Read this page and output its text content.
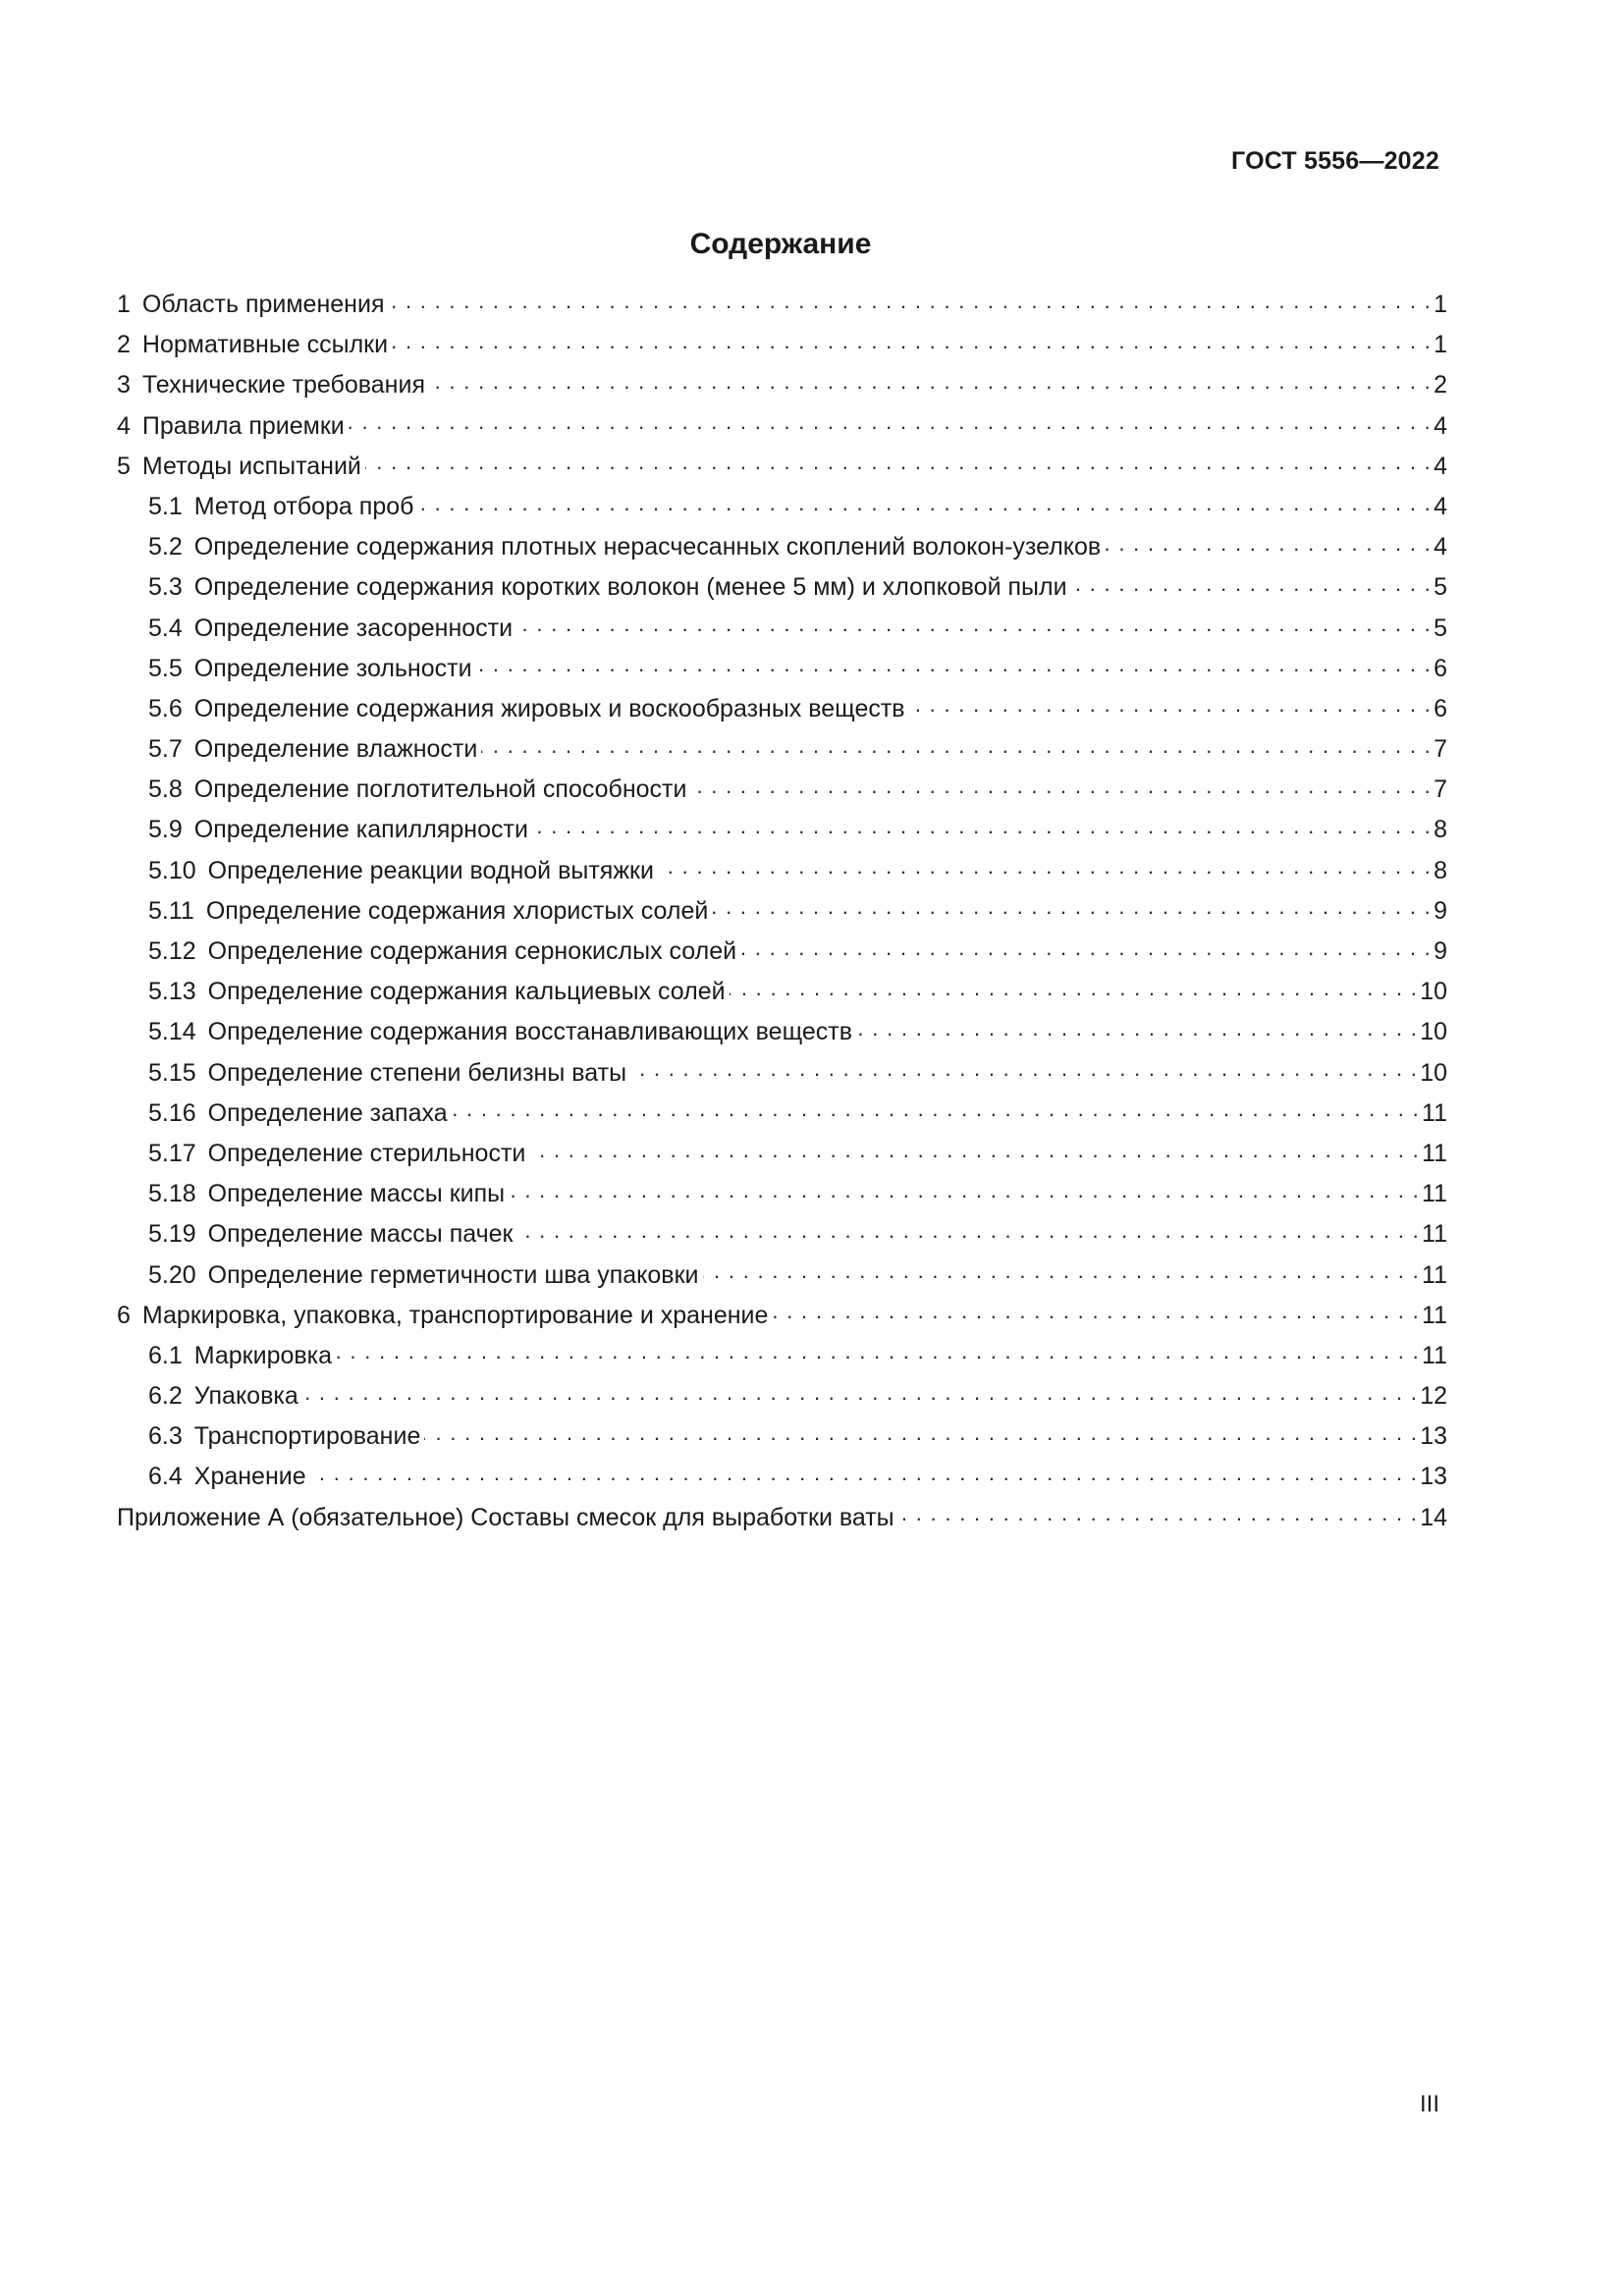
ГОСТ 5556—2022
Содержание
1 Область применения . . .	1
2 Нормативные ссылки . . .	1
3 Технические требования . . .	2
4 Правила приемки . . .	4
5 Методы испытаний . . .	4
5.1 Метод отбора проб . . .	4
5.2 Определение содержания плотных нерасчесанных скоплений волокон-узелков . . .	4
5.3 Определение содержания коротких волокон (менее 5 мм) и хлопковой пыли . . .	5
5.4 Определение засоренности . . .	5
5.5 Определение зольности . . .	6
5.6 Определение содержания жировых и воскообразных веществ . . .	6
5.7 Определение влажности . . .	7
5.8 Определение поглотительной способности . . .	7
5.9 Определение капиллярности . . .	8
5.10 Определение реакции водной вытяжки . . .	8
5.11 Определение содержания хлористых солей . . .	9
5.12 Определение содержания сернокислых солей . . .	9
5.13 Определение содержания кальциевых солей . . .	10
5.14 Определение содержания восстанавливающих веществ . . .	10
5.15 Определение степени белизны ваты . . .	10
5.16 Определение запаха . . .	11
5.17 Определение стерильности . . .	11
5.18 Определение массы кипы . . .	11
5.19 Определение массы пачек . . .	11
5.20 Определение герметичности шва упаковки . . .	11
6 Маркировка, упаковка, транспортирование и хранение . . .	11
6.1 Маркировка . . .	11
6.2 Упаковка . . .	12
6.3 Транспортирование . . .	13
6.4 Хранение . . .	13
Приложение А (обязательное) Составы смесок для выработки ваты . . .	14
III
